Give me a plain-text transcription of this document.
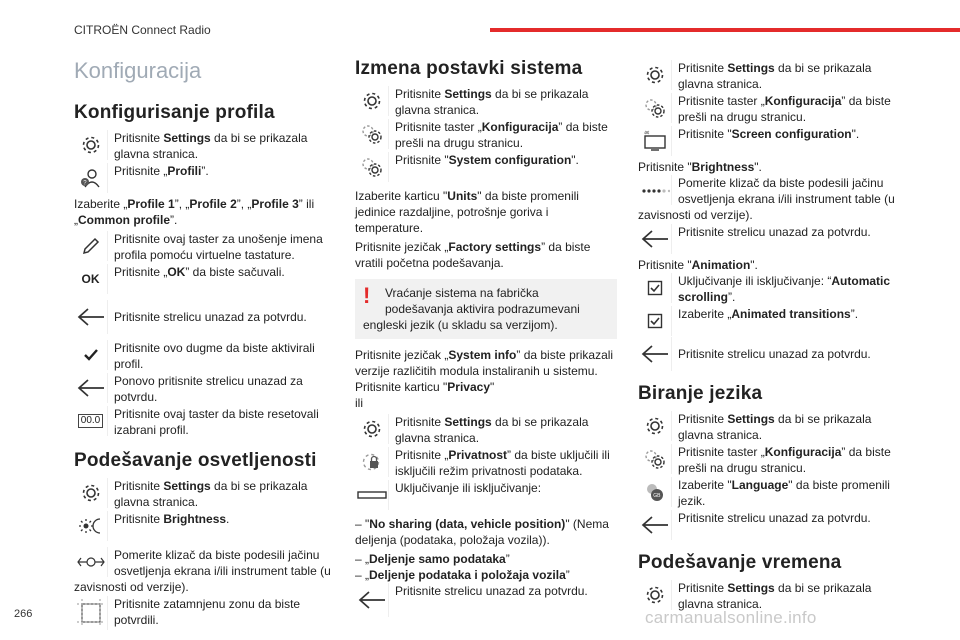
CITROËN Connect Radio
Konfiguracija
Konfigurisanje profila
Pritisnite Settings da bi se prikazala glavna stranica.
?
Pritisnite „Profili”.

Izaberite „Profile 1”, „Profile 2”, „Profile 3” ili „Common profile”.

Pritisnite ovaj taster za unošenje imena profila pomoću virtuelne tastature.
OK Pritisnite „OK” da biste sačuvali.
Pritisnite strelicu unazad za potvrdu.
Pritisnite ovo dugme da biste aktivirali profil.
Ponovo pritisnite strelicu unazad za potvrdu.
00.0 Pritisnite ovaj taster da biste resetovali izabrani profil.
Podešavanje osvetljenosti
Pritisnite Settings da bi se prikazala glavna stranica.
Pritisnite Brightness.
Pomerite klizač da biste podesili jačinu osvetljenja ekrana i/ili instrument table (u zavisnosti od verzije).
Pritisnite zatamnjenu zonu da biste potvrdili.
Izmena postavki sistema
Pritisnite Settings da bi se prikazala glavna stranica.
Pritisnite taster „Konfiguracija” da biste prešli na drugu stranicu.
Pritisnite "System configuration".

Izaberite karticu "Units" da biste promenili jedinice razdaljine, potrošnje goriva i temperature.

Pritisnite jezičak „Factory settings” da biste vratili početna podešavanja.

!	Vraćanje sistema na fabrička podešavanja aktivira podrazumevani engleski jezik (u skladu sa verzijom).

Pritisnite jezičak „System info” da biste prikazali verzije različitih modula instaliranih u sistemu.
Pritisnite karticu "Privacy"
ili

Pritisnite Settings da bi se prikazala glavna stranica.
Pritisnite „Privatnost” da biste uključili ili isključili režim privatnosti podataka.
Uključivanje ili isključivanje:

– "No sharing (data, vehicle position)" (Nema deljenja (podataka, položaja vozila)).

– „Deljenje samo podataka”

– „Deljenje podataka i položaja vozila”

Pritisnite strelicu unazad za potvrdu.
Pritisnite Settings da bi se prikazala glavna stranica.
Pritisnite taster „Konfiguracija” da biste prešli na drugu stranicu.
Pritisnite "Screen configuration".

Pritisnite "Brightness".

Pomerite klizač da biste podesili jačinu osvetljenja ekrana i/ili instrument table (u zavisnosti od verzije).
Pritisnite strelicu unazad za potvrdu.

Pritisnite "Animation".

Uključivanje ili isključivanje: “Automatic scrolling”.
Izaberite „Animated transitions”.
Pritisnite strelicu unazad za potvrdu.
Biranje jezika
Pritisnite Settings da bi se prikazala glavna stranica.
Pritisnite taster „Konfiguracija” da biste prešli na drugu stranicu.
GB
Izaberite "Language" da biste promenili jezik.
Pritisnite strelicu unazad za potvrdu.
Podešavanje vremena
Pritisnite Settings da bi se prikazala glavna stranica.
266	carmanualsonline.info
